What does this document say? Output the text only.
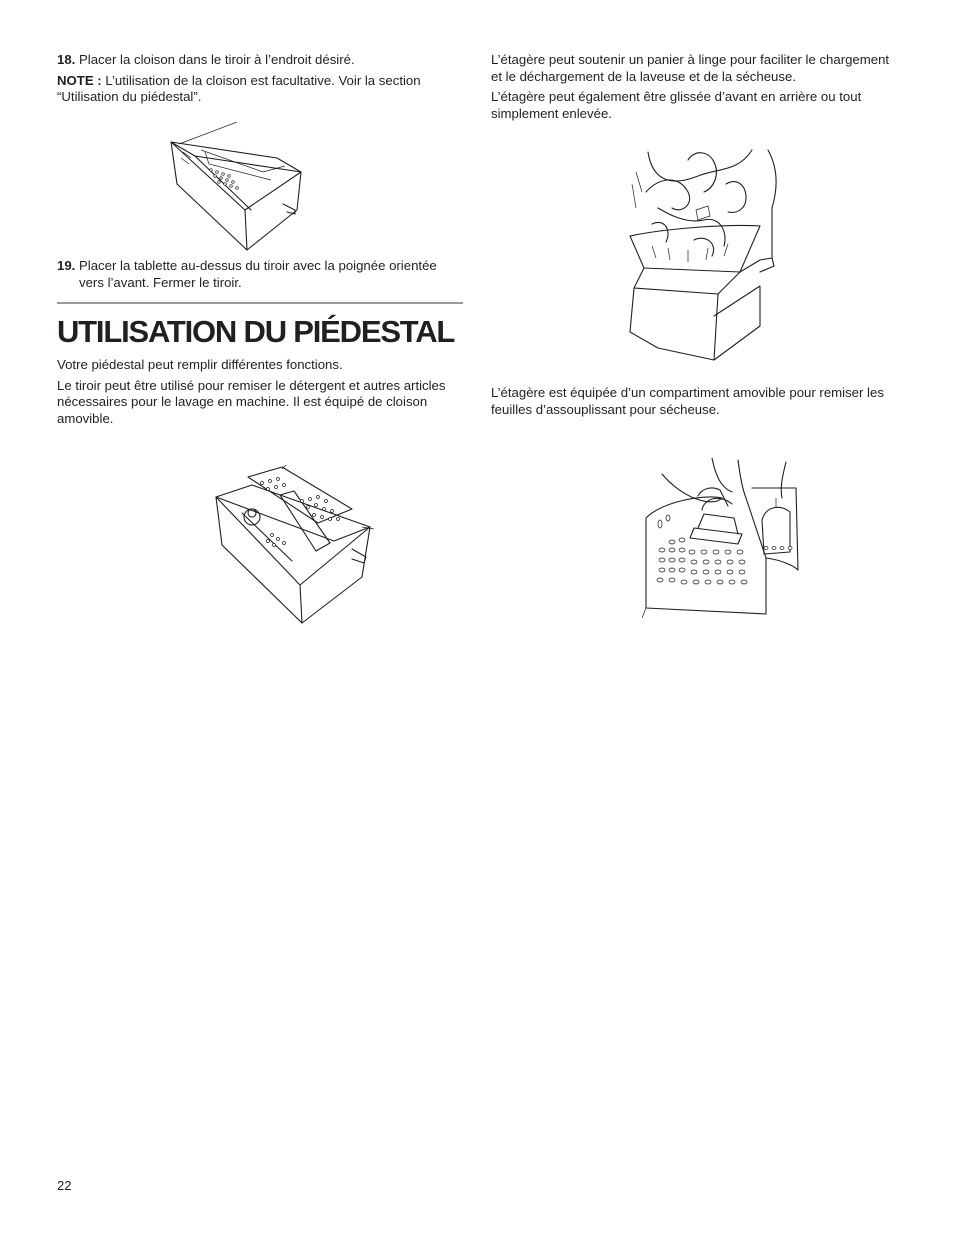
18. Placer la cloison dans le tiroir à l’endroit désiré.

NOTE : L’utilisation de la cloison est facultative. Voir la section “Utilisation du piédestal”.

19. Placer la tablette au-dessus du tiroir avec la poignée orientée vers l’avant. Fermer le tiroir.
UTILISATION DU PIÉDESTAL

Votre piédestal peut remplir différentes fonctions.

Le tiroir peut être utilisé pour remiser le détergent et autres articles nécessaires pour le lavage en machine. Il est équipé de cloison amovible.

L’étagère peut soutenir un panier à linge pour faciliter le chargement et le déchargement de la laveuse et de la sécheuse.

L’étagère peut également être glissée d’avant en arrière ou tout simplement enlevée.

L’étagère est équipée d’un compartiment amovible pour remiser les feuilles d’assouplissant pour sécheuse.

22
